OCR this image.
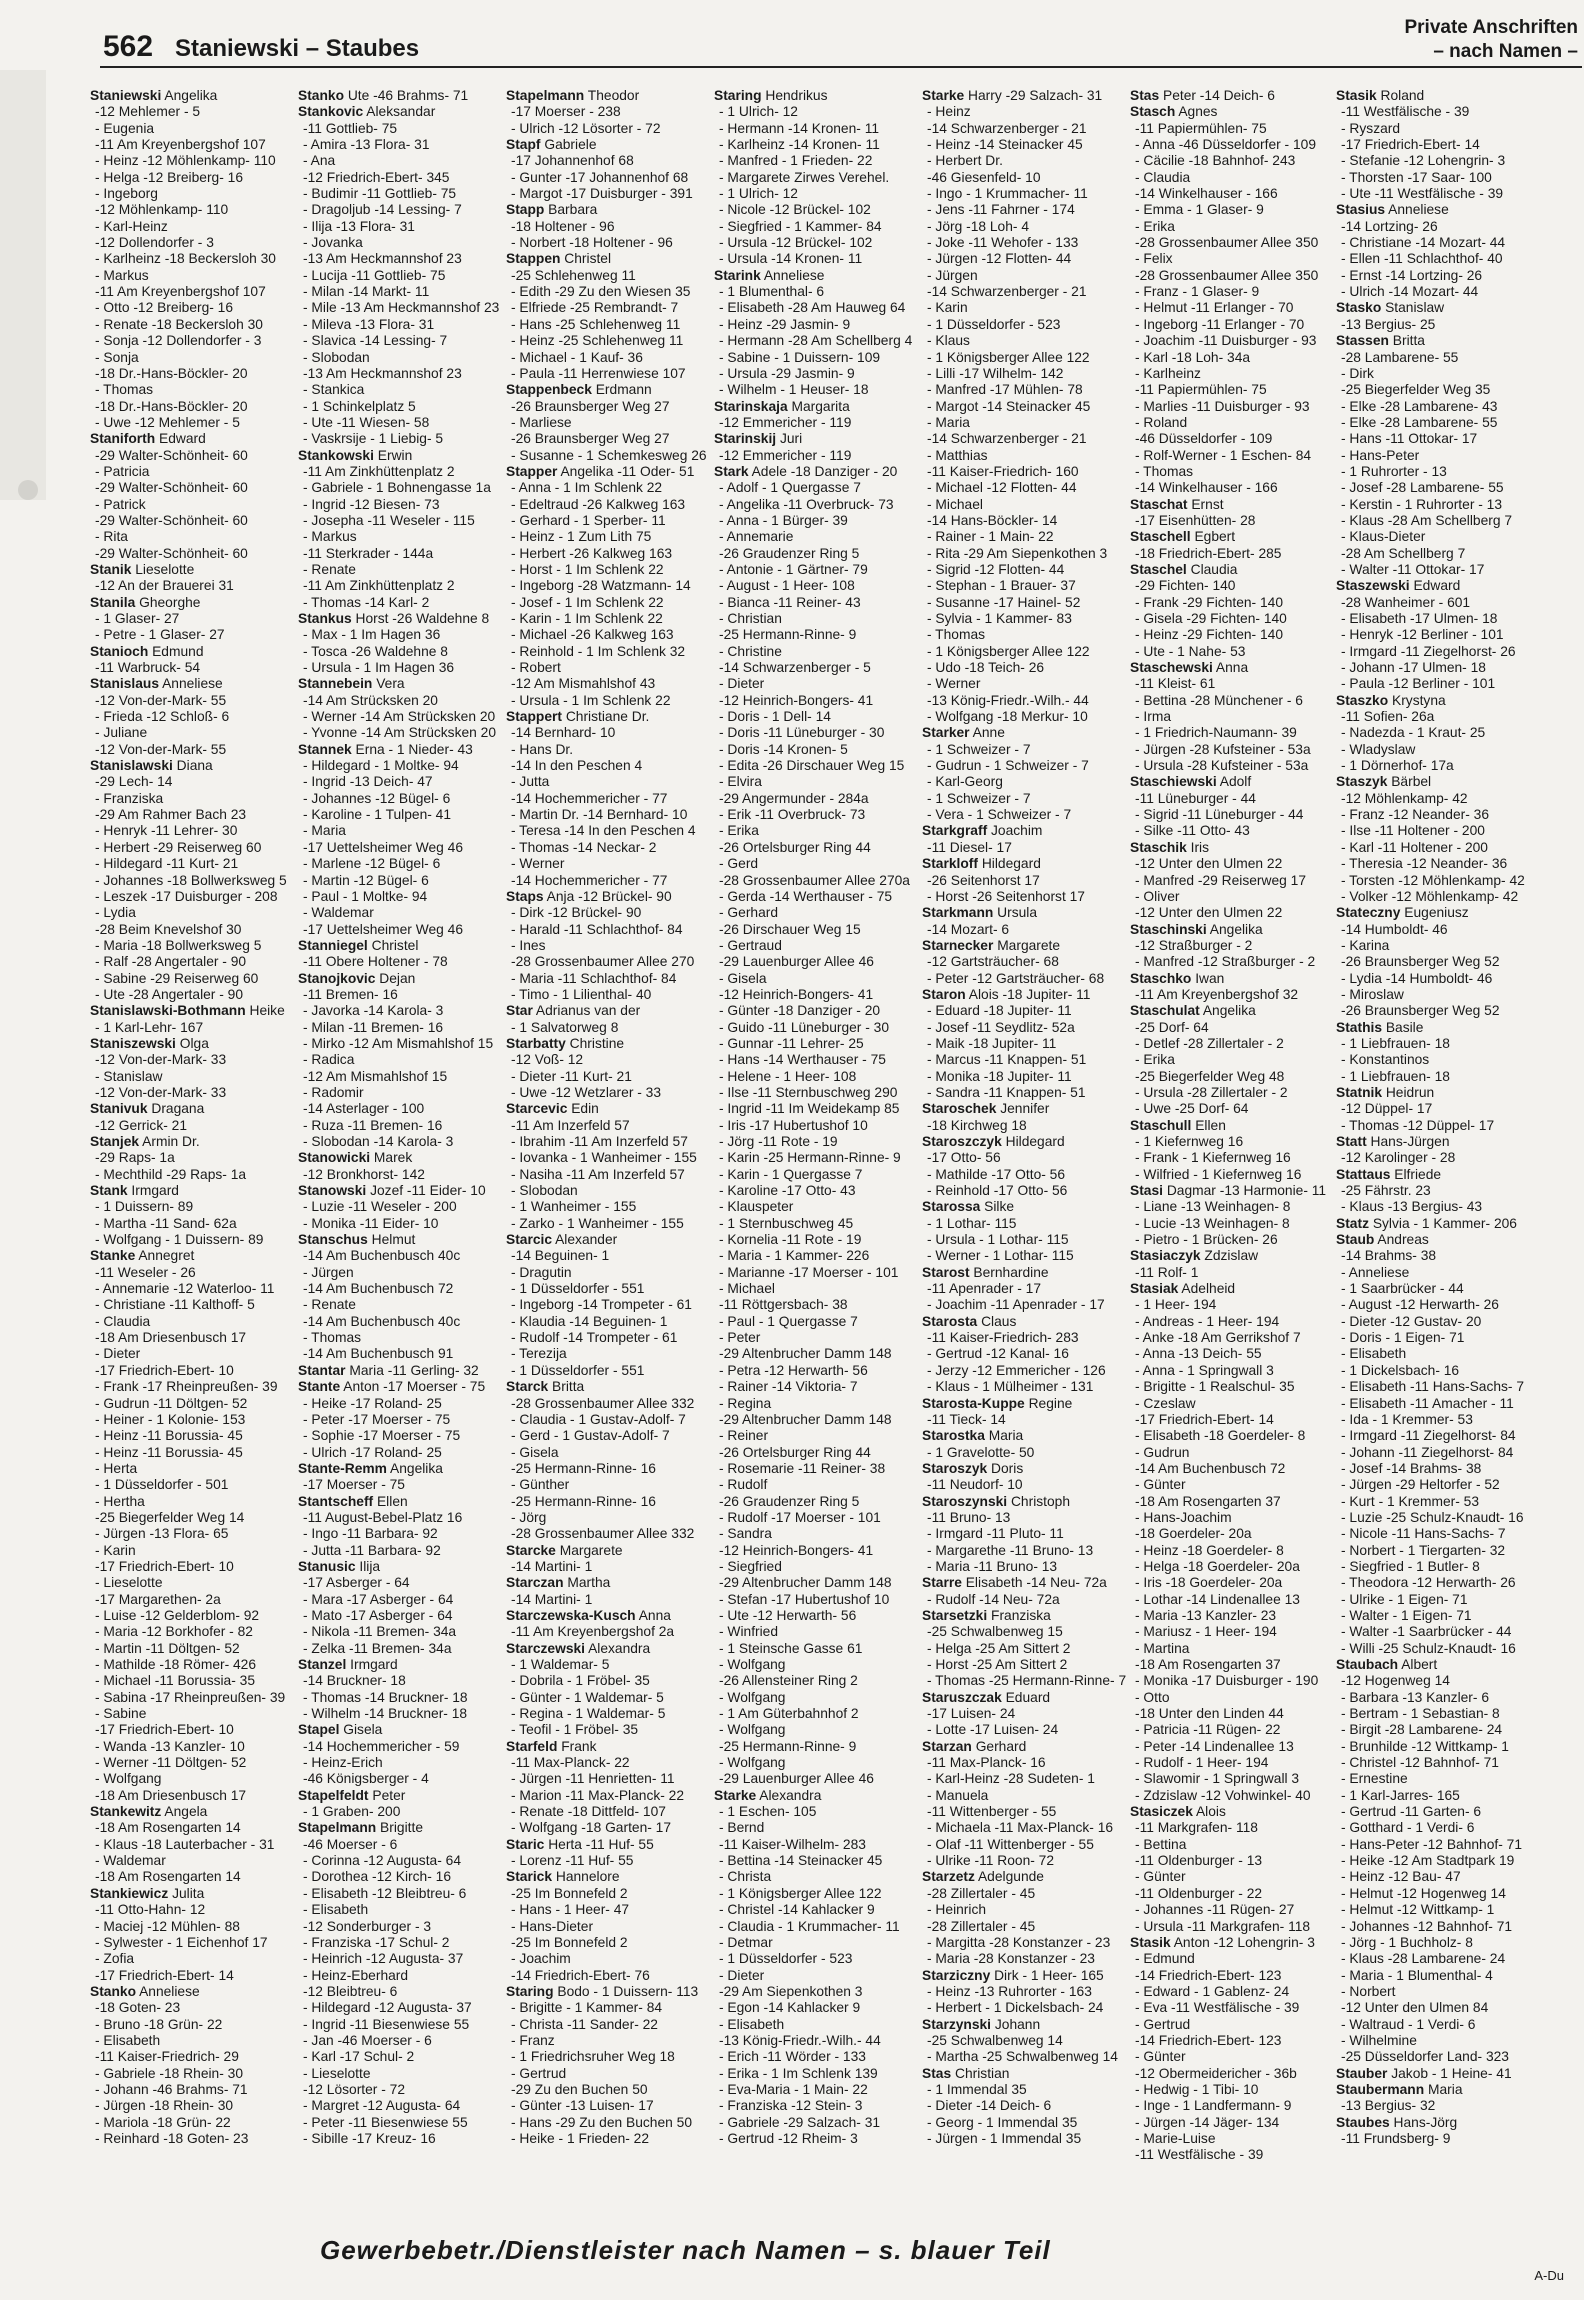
562 Staniewski – Staubes
Private Anschriften
– nach Namen –
Staniewski Angelika
-12 Mehlemer - 5
- Eugenia
-11 Am Kreyenbergshof 107
- Heinz -12 Möhlenkamp- 110
- Helga -12 Breiberg- 16
- Ingeborg
-12 Möhlenkamp- 110
- Karl-Heinz
-12 Dollendorfer - 3
- Karlheinz -18 Beckersloh 30
- Markus
-11 Am Kreyenbergshof 107
- Otto -12 Breiberg- 16
- Renate -18 Beckersloh 30
- Sonja -12 Dollendorfer - 3
- Sonja
-18 Dr.-Hans-Böckler- 20
- Thomas
-18 Dr.-Hans-Böckler- 20
- Uwe -12 Mehlemer - 5
Staniforth Edward
-29 Walter-Schönheit- 60
- Patricia
-29 Walter-Schönheit- 60
- Patrick
-29 Walter-Schönheit- 60
- Rita
-29 Walter-Schönheit- 60
Stanik Lieselotte
-12 An der Brauerei 31
Stanila Gheorghe
- 1 Glaser- 27
- Petre - 1 Glaser- 27
Stanioch Edmund
-11 Warbruck- 54
Stanislaus Anneliese
-12 Von-der-Mark- 55
- Frieda -12 Schloß- 6
- Juliane
-12 Von-der-Mark- 55
Stanislawski Diana
-29 Lech- 14
- Franziska
-29 Am Rahmer Bach 23
- Henryk -11 Lehrer- 30
- Herbert -29 Reiserweg 60
- Hildegard -11 Kurt- 21
- Johannes -18 Bollwerksweg 5
- Leszek -17 Duisburger - 208
- Lydia
-28 Beim Knevelshof 30
- Maria -18 Bollwerksweg 5
- Ralf -28 Angertaler - 90
- Sabine -29 Reiserweg 60
- Ute -28 Angertaler - 90
Stanislawski-Bothmann Heike
- 1 Karl-Lehr- 167
Staniszewski Olga
-12 Von-der-Mark- 33
- Stanislaw
-12 Von-der-Mark- 33
Stanivuk Dragana
-12 Gerrick- 21
Stanjek Armin Dr.
-29 Raps- 1a
- Mechthild -29 Raps- 1a
Stank Irmgard
- 1 Duissern- 89
- Martha -11 Sand- 62a
- Wolfgang - 1 Duissern- 89
Stanke Annegret
-11 Weseler - 26
- Annemarie -12 Waterloo- 11
- Christiane -11 Kalthoff- 5
- Claudia
-18 Am Driesenbusch 17
- Dieter
-17 Friedrich-Ebert- 10
- Frank -17 Rheinpreußen- 39
- Gudrun -11 Döltgen- 52
- Heiner - 1 Kolonie- 153
- Heinz -11 Borussia- 45
- Heinz -11 Borussia- 45
- Herta
- 1 Düsseldorfer - 501
- Hertha
-25 Biegerfelder Weg 14
- Jürgen -13 Flora- 65
- Karin
-17 Friedrich-Ebert- 10
- Lieselotte
-17 Margarethen- 2a
- Luise -12 Gelderblom- 92
- Maria -12 Borkhofer - 82
- Martin -11 Döltgen- 52
- Mathilde -18 Römer- 426
- Michael -11 Borussia- 35
- Sabina -17 Rheinpreußen- 39
- Sabine
-17 Friedrich-Ebert- 10
- Wanda -13 Kanzler- 10
- Werner -11 Döltgen- 52
- Wolfgang
-18 Am Driesenbusch 17
Stankewitz Angela
-18 Am Rosengarten 14
- Klaus -18 Lauterbacher - 31
- Waldemar
-18 Am Rosengarten 14
Stankiewicz Julita
-11 Otto-Hahn- 12
- Maciej -12 Mühlen- 88
- Sylwester - 1 Eichenhof 17
- Zofia
-17 Friedrich-Ebert- 14
Stanko Anneliese
-18 Goten- 23
- Bruno -18 Grün- 22
- Elisabeth
-11 Kaiser-Friedrich- 29
- Gabriele -18 Rhein- 30
- Johann -46 Brahms- 71
- Jürgen -18 Rhein- 30
- Mariola -18 Grün- 22
- Reinhard -18 Goten- 23
Stanko Ute -46 Brahms- 71
Stankovic Aleksandar
-11 Gottlieb- 75
- Amira -13 Flora- 31
- Ana
-12 Friedrich-Ebert- 345
- Budimir -11 Gottlieb- 75
- Dragoljub -14 Lessing- 7
- Ilija -13 Flora- 31
- Jovanka
-13 Am Heckmannshof 23
- Lucija -11 Gottlieb- 75
- Milan -14 Markt- 11
- Mile -13 Am Heckmannshof 23
- Mileva -13 Flora- 31
- Slavica -14 Lessing- 7
- Slobodan
-13 Am Heckmannshof 23
- Stankica
- 1 Schinkelplatz 5
- Ute -11 Wiesen- 58
- Vaskrsije - 1 Liebig- 5
Stankowski Erwin
-11 Am Zinkhüttenplatz 2
- Gabriele - 1 Bohnengasse 1a
- Ingrid -12 Biesen- 73
- Josepha -11 Weseler - 115
- Markus
-11 Sterkrader - 144a
- Renate
-11 Am Zinkhüttenplatz 2
- Thomas -14 Karl- 2
Stankus Horst -26 Waldehne 8
- Max - 1 Im Hagen 36
- Tosca -26 Waldehne 8
- Ursula - 1 Im Hagen 36
Stannebein Vera
-14 Am Strücksken 20
- Werner -14 Am Strücksken 20
- Yvonne -14 Am Strücksken 20
Stannek Erna - 1 Nieder- 43
- Hildegard - 1 Moltke- 94
- Ingrid -13 Deich- 47
- Johannes -12 Bügel- 6
- Karoline - 1 Tulpen- 41
- Maria
-17 Uettelsheimer Weg 46
- Marlene -12 Bügel- 6
- Martin -12 Bügel- 6
- Paul - 1 Moltke- 94
- Waldemar
-17 Uettelsheimer Weg 46
Stanniegel Christel
-11 Obere Holtener - 78
Stanojkovic Dejan
-11 Bremen- 16
- Javorka -14 Karola- 3
- Milan -11 Bremen- 16
- Mirko -12 Am Mismahlshof 15
- Radica
-12 Am Mismahlshof 15
- Radomir
-14 Asterlager - 100
- Ruza -11 Bremen- 16
- Slobodan -14 Karola- 3
Stanowicki Marek
-12 Bronkhorst- 142
Stanowski Jozef -11 Eider- 10
- Luzie -11 Weseler - 200
- Monika -11 Eider- 10
Stanschus Helmut
-14 Am Buchenbusch 40c
- Jürgen
-14 Am Buchenbusch 72
- Renate
-14 Am Buchenbusch 40c
- Thomas
-14 Am Buchenbusch 91
Stantar Maria -11 Gerling- 32
Stante Anton -17 Moerser - 75
- Heike -17 Roland- 25
- Peter -17 Moerser - 75
- Sophie -17 Moerser - 75
- Ulrich -17 Roland- 25
Stante-Remm Angelika
-17 Moerser - 75
Stantscheff Ellen
-11 August-Bebel-Platz 16
- Ingo -11 Barbara- 92
- Jutta -11 Barbara- 92
Stanusic Ilija
-17 Asberger - 64
- Mara -17 Asberger - 64
- Mato -17 Asberger - 64
- Nikola -11 Bremen- 34a
- Zelka -11 Bremen- 34a
Stanzel Irmgard
-14 Bruckner- 18
- Thomas -14 Bruckner- 18
- Wilhelm -14 Bruckner- 18
Stapel Gisela
-14 Hochemmericher - 59
- Heinz-Erich
-46 Königsberger - 4
Stapelfeldt Peter
- 1 Graben- 200
Stapelmann Brigitte
-46 Moerser - 6
- Corinna -12 Augusta- 64
- Dorothea -12 Kirch- 16
- Elisabeth -12 Bleibtreu- 6
- Elisabeth
-12 Sonderburger - 3
- Franziska -17 Schul- 2
- Heinrich -12 Augusta- 37
- Heinz-Eberhard
-12 Bleibtreu- 6
- Hildegard -12 Augusta- 37
- Ingrid -11 Biesenwiese 55
- Jan -46 Moerser - 6
- Karl -17 Schul- 2
- Lieselotte
-12 Lösorter - 72
- Margret -12 Augusta- 64
- Peter -11 Biesenwiese 55
- Sibille -17 Kreuz- 16
Stapelmann Theodor
-17 Moerser - 238
- Ulrich -12 Lösorter - 72
Stapf Gabriele
-17 Johannenhof 68
- Gunter -17 Johannenhof 68
- Margot -17 Duisburger - 391
Stapp Barbara
-18 Holtener - 96
- Norbert -18 Holtener - 96
Stappen Christel
-25 Schlehenweg 11
- Edith -29 Zu den Wiesen 35
- Elfriede -25 Rembrandt- 7
- Hans -25 Schlehenweg 11
- Heinz -25 Schlehenweg 11
- Michael - 1 Kauf- 36
- Paula -11 Herrenwiese 107
Stappenbeck Erdmann
-26 Braunsberger Weg 27
- Marliese
-26 Braunsberger Weg 27
- Susanne - 1 Schemkesweg 26
Stapper Angelika -11 Oder- 51
- Anna - 1 Im Schlenk 22
- Edeltraud -26 Kalkweg 163
- Gerhard - 1 Sperber- 11
- Heinz - 1 Zum Lith 75
- Herbert -26 Kalkweg 163
- Horst - 1 Im Schlenk 22
- Ingeborg -28 Watzmann- 14
- Josef - 1 Im Schlenk 22
- Karin - 1 Im Schlenk 22
- Michael -26 Kalkweg 163
- Reinhold - 1 Im Schlenk 32
- Robert
-12 Am Mismahlshof 43
- Ursula - 1 Im Schlenk 22
Stappert Christiane Dr.
-14 Bernhard- 10
- Hans Dr.
-14 In den Peschen 4
- Jutta
-14 Hochemmericher - 77
- Martin Dr. -14 Bernhard- 10
- Teresa -14 In den Peschen 4
- Thomas -14 Neckar- 2
- Werner
-14 Hochemmericher - 77
Staps Anja -12 Brückel- 90
- Dirk -12 Brückel- 90
- Harald -11 Schlachthof- 84
- Ines
-28 Grossenbaumer Allee 270
- Maria -11 Schlachthof- 84
- Timo - 1 Lilienthal- 40
Star Adrianus van der
- 1 Salvatorweg 8
Starbatty Christine
-12 Voß- 12
- Dieter -11 Kurt- 21
- Uwe -12 Wetzlarer - 33
Starcevic Edin
-11 Am Inzerfeld 57
- Ibrahim -11 Am Inzerfeld 57
- Iovanka - 1 Wanheimer - 155
- Nasiha -11 Am Inzerfeld 57
- Slobodan
- 1 Wanheimer - 155
- Zarko - 1 Wanheimer - 155
Starcic Alexander
-14 Beguinen- 1
- Dragutin
- 1 Düsseldorfer - 551
- Ingeborg -14 Trompeter - 61
- Klaudia -14 Beguinen- 1
- Rudolf -14 Trompeter - 61
- Terezija
- 1 Düsseldorfer - 551
Starck Britta
-28 Grossenbaumer Allee 332
- Claudia - 1 Gustav-Adolf- 7
- Gerd - 1 Gustav-Adolf- 7
- Gisela
-25 Hermann-Rinne- 16
- Günther
-25 Hermann-Rinne- 16
- Jörg
-28 Grossenbaumer Allee 332
Starcke Margarete
-14 Martini- 1
Starczan Martha
-14 Martini- 1
Starczewska-Kusch Anna
-11 Am Kreyenbergshof 2a
Starczewski Alexandra
- 1 Waldemar- 5
- Dobrila - 1 Fröbel- 35
- Günter - 1 Waldemar- 5
- Regina - 1 Waldemar- 5
- Teofil - 1 Fröbel- 35
Starfeld Frank
-11 Max-Planck- 22
- Jürgen -11 Henrietten- 11
- Marion -11 Max-Planck- 22
- Renate -18 Dittfeld- 107
- Wolfgang -18 Garten- 17
Staric Herta -11 Huf- 55
- Lorenz -11 Huf- 55
Starick Hannelore
-25 Im Bonnefeld 2
- Hans - 1 Heer- 47
- Hans-Dieter
-25 Im Bonnefeld 2
- Joachim
-14 Friedrich-Ebert- 76
Staring Bodo - 1 Duissern- 113
- Brigitte - 1 Kammer- 84
- Christa -11 Sander- 22
- Franz
- 1 Friedrichsruher Weg 18
- Gertrud
-29 Zu den Buchen 50
- Günter -13 Luisen- 17
- Hans -29 Zu den Buchen 50
- Heike - 1 Frieden- 22
Staring Hendrikus
- 1 Ulrich- 12
- Hermann -14 Kronen- 11
- Karlheinz -14 Kronen- 11
- Manfred - 1 Frieden- 22
- Margarete Zirwes Verehel.
- 1 Ulrich- 12
- Nicole -12 Brückel- 102
- Siegfried - 1 Kammer- 84
- Ursula -12 Brückel- 102
- Ursula -14 Kronen- 11
Starink Anneliese
- 1 Blumenthal- 6
- Elisabeth -28 Am Hauweg 64
- Heinz -29 Jasmin- 9
- Hermann -28 Am Schellberg 4
- Sabine - 1 Duissern- 109
- Ursula -29 Jasmin- 9
- Wilhelm - 1 Heuser- 18
Starinskaja Margarita
-12 Emmericher - 119
Starinskij Juri
-12 Emmericher - 119
Stark Adele -18 Danziger - 20
- Adolf - 1 Quergasse 7
- Angelika -11 Overbruck- 73
- Anna - 1 Bürger- 39
- Annemarie
-26 Graudenzer Ring 5
- Antonie - 1 Gärtner- 79
- August - 1 Heer- 108
- Bianca -11 Reiner- 43
- Christian
-25 Hermann-Rinne- 9
- Christine
-14 Schwarzenberger - 5
- Dieter
-12 Heinrich-Bongers- 41
- Doris - 1 Dell- 14
- Doris -11 Lüneburger - 30
- Doris -14 Kronen- 5
- Edita -26 Dirschauer Weg 15
- Elvira
-29 Angermunder - 284a
- Erik -11 Overbruck- 73
- Erika
-26 Ortelsburger Ring 44
- Gerd
-28 Grossenbaumer Allee 270a
- Gerda -14 Werthauser - 75
- Gerhard
-26 Dirschauer Weg 15
- Gertraud
-29 Lauenburger Allee 46
- Gisela
-12 Heinrich-Bongers- 41
- Günter -18 Danziger - 20
- Guido -11 Lüneburger - 30
- Gunnar -11 Lehrer- 25
- Hans -14 Werthauser - 75
- Helene - 1 Heer- 108
- Ilse -11 Sternbuschweg 290
- Ingrid -11 Im Weidekamp 85
- Iris -17 Hubertushof 10
- Jörg -11 Rote - 19
- Karin -25 Hermann-Rinne- 9
- Karin - 1 Quergasse 7
- Karoline -17 Otto- 43
- Klauspeter
- 1 Sternbuschweg 45
- Kornelia -11 Rote - 19
- Maria - 1 Kammer- 226
- Marianne -17 Moerser - 101
- Michael
-11 Röttgersbach- 38
- Paul - 1 Quergasse 7
- Peter
-29 Altenbrucher Damm 148
- Petra -12 Herwarth- 56
- Rainer -14 Viktoria- 7
- Regina
-29 Altenbrucher Damm 148
- Reiner
-26 Ortelsburger Ring 44
- Rosemarie -11 Reiner- 38
- Rudolf
-26 Graudenzer Ring 5
- Rudolf -17 Moerser - 101
- Sandra
-12 Heinrich-Bongers- 41
- Siegfried
-29 Altenbrucher Damm 148
- Stefan -17 Hubertushof 10
- Ute -12 Herwarth- 56
- Winfried
- 1 Steinsche Gasse 61
- Wolfgang
-26 Allensteiner Ring 2
- Wolfgang
- 1 Am Güterbahnhof 2
- Wolfgang
-25 Hermann-Rinne- 9
- Wolfgang
-29 Lauenburger Allee 46
Starke Alexandra
- 1 Eschen- 105
- Bernd
-11 Kaiser-Wilhelm- 283
- Bettina -14 Steinacker 45
- Christa
- 1 Königsberger Allee 122
- Christel -14 Kahlacker 9
- Claudia - 1 Krummacher- 11
- Detmar
- 1 Düsseldorfer - 523
- Dieter
-29 Am Siepenkothen 3
- Egon -14 Kahlacker 9
- Elisabeth
-13 König-Friedr.-Wilh.- 44
- Erich -11 Wörder - 133
- Erika - 1 Im Schlenk 139
- Eva-Maria - 1 Main- 22
- Franziska -12 Stein- 3
- Gabriele -29 Salzach- 31
- Gertrud -12 Rheim- 3
Starke Harry -29 Salzach- 31
- Heinz
-14 Schwarzenberger - 21
- Heinz -14 Steinacker 45
- Herbert Dr.
-46 Giesenfeld- 10
- Ingo - 1 Krummacher- 11
- Jens -11 Fahrner - 174
- Jörg -18 Loh- 4
- Joke -11 Wehofer - 133
- Jürgen -12 Flotten- 44
- Jürgen
-14 Schwarzenberger - 21
- Karin
- 1 Düsseldorfer - 523
- Klaus
- 1 Königsberger Allee 122
- Lilli -17 Wilhelm- 142
- Manfred -17 Mühlen- 78
- Margot -14 Steinacker 45
- Maria
-14 Schwarzenberger - 21
- Matthias
-11 Kaiser-Friedrich- 160
- Michael -12 Flotten- 44
- Michael
-14 Hans-Böckler- 14
- Rainer - 1 Main- 22
- Rita -29 Am Siepenkothen 3
- Sigrid -12 Flotten- 44
- Stephan - 1 Brauer- 37
- Susanne -17 Hainel- 52
- Sylvia - 1 Kammer- 83
- Thomas
- 1 Königsberger Allee 122
- Udo -18 Teich- 26
- Werner
-13 König-Friedr.-Wilh.- 44
- Wolfgang -18 Merkur- 10
Starker Anne
- 1 Schweizer - 7
- Gudrun - 1 Schweizer - 7
- Karl-Georg
- 1 Schweizer - 7
- Vera - 1 Schweizer - 7
Starkgraff Joachim
-11 Diesel- 17
Starkloff Hildegard
-26 Seitenhorst 17
- Horst -26 Seitenhorst 17
Starkmann Ursula
-14 Mozart- 6
Starnecker Margarete
-12 Gartsträucher- 68
- Peter -12 Gartsträucher- 68
Staron Alois -18 Jupiter- 11
- Eduard -18 Jupiter- 11
- Josef -11 Seydlitz- 52a
- Maik -18 Jupiter- 11
- Marcus -11 Knappen- 51
- Monika -18 Jupiter- 11
- Sandra -11 Knappen- 51
Staroschek Jennifer
-18 Kirchweg 18
Staroszczyk Hildegard
-17 Otto- 56
- Mathilde -17 Otto- 56
- Reinhold -17 Otto- 56
Starossa Silke
- 1 Lothar- 115
- Ursula - 1 Lothar- 115
- Werner - 1 Lothar- 115
Starost Bernhardine
-11 Apenrader - 17
- Joachim -11 Apenrader - 17
Starosta Claus
-11 Kaiser-Friedrich- 283
- Gertrud -12 Kanal- 16
- Jerzy -12 Emmericher - 126
- Klaus - 1 Mülheimer - 131
Starosta-Kuppe Regine
-11 Tieck- 14
Starostka Maria
- 1 Gravelotte- 50
Staroszyk Doris
-11 Neudorf- 10
Staroszynski Christoph
-11 Bruno- 13
- Irmgard -11 Pluto- 11
- Margarethe -11 Bruno- 13
- Maria -11 Bruno- 13
Starre Elisabeth -14 Neu- 72a
- Rudolf -14 Neu- 72a
Starsetzki Franziska
-25 Schwalbenweg 15
- Helga -25 Am Sittert 2
- Horst -25 Am Sittert 2
- Thomas -25 Hermann-Rinne- 7
Staruszczak Eduard
-17 Luisen- 24
- Lotte -17 Luisen- 24
Starzan Gerhard
-11 Max-Planck- 16
- Karl-Heinz -28 Sudeten- 1
- Manuela
-11 Wittenberger - 55
- Michaela -11 Max-Planck- 16
- Olaf -11 Wittenberger - 55
- Ulrike -11 Roon- 72
Starzetz Adelgunde
-28 Zillertaler - 45
- Heinrich
-28 Zillertaler - 45
- Margitta -28 Konstanzer - 23
- Maria -28 Konstanzer - 23
Starziczny Dirk - 1 Heer- 165
- Heinz -13 Ruhrorter - 163
- Herbert - 1 Dickelsbach- 24
Starzynski Johann
-25 Schwalbenweg 14
- Martha -25 Schwalbenweg 14
Stas Christian
- 1 Immendal 35
- Dieter -14 Deich- 6
- Georg - 1 Immendal 35
- Jürgen - 1 Immendal 35
Stas Peter -14 Deich- 6
Stasch Agnes
-11 Papiermühlen- 75
- Anna -46 Düsseldorfer - 109
- Cäcilie -18 Bahnhof- 243
- Claudia
-14 Winkelhauser - 166
- Emma - 1 Glaser- 9
- Erika
-28 Grossenbaumer Allee 350
- Felix
-28 Grossenbaumer Allee 350
- Franz - 1 Glaser- 9
- Helmut -11 Erlanger - 70
- Ingeborg -11 Erlanger - 70
- Joachim -11 Duisburger - 93
- Karl -18 Loh- 34a
- Karlheinz
-11 Papiermühlen- 75
- Marlies -11 Duisburger - 93
- Roland
-46 Düsseldorfer - 109
- Rolf-Werner - 1 Eschen- 84
- Thomas
-14 Winkelhauser - 166
Staschat Ernst
-17 Eisenhütten- 28
Staschell Egbert
-18 Friedrich-Ebert- 285
Staschel Claudia
-29 Fichten- 140
- Frank -29 Fichten- 140
- Gisela -29 Fichten- 140
- Heinz -29 Fichten- 140
- Ute - 1 Nahe- 53
Staschewski Anna
-11 Kleist- 61
- Bettina -28 Münchener - 6
- Irma
- 1 Friedrich-Naumann- 39
- Jürgen -28 Kufsteiner - 53a
- Ursula -28 Kufsteiner - 53a
Staschiewski Adolf
-11 Lüneburger - 44
- Sigrid -11 Lüneburger - 44
- Silke -11 Otto- 43
Staschik Iris
-12 Unter den Ulmen 22
- Manfred -29 Reiserweg 17
- Oliver
-12 Unter den Ulmen 22
Staschinski Angelika
-12 Straßburger - 2
- Manfred -12 Straßburger - 2
Staschko Iwan
-11 Am Kreyenbergshof 32
Staschulat Angelika
-25 Dorf- 64
- Detlef -28 Zillertaler - 2
- Erika
-25 Biegerfelder Weg 48
- Ursula -28 Zillertaler - 2
- Uwe -25 Dorf- 64
Staschull Ellen
- 1 Kiefernweg 16
- Frank - 1 Kiefernweg 16
- Wilfried - 1 Kiefernweg 16
Stasi Dagmar -13 Harmonie- 11
- Liane -13 Weinhagen- 8
- Lucie -13 Weinhagen- 8
- Pietro - 1 Brücken- 26
Stasiaczyk Zdzislaw
-11 Rolf- 1
Stasiak Adelheid
- 1 Heer- 194
- Andreas - 1 Heer- 194
- Anke -18 Am Gerrikshof 7
- Anna -13 Deich- 55
- Anna - 1 Springwall 3
- Brigitte - 1 Realschul- 35
- Czeslaw
-17 Friedrich-Ebert- 14
- Elisabeth -18 Goerdeler- 8
- Gudrun
-14 Am Buchenbusch 72
- Günter
-18 Am Rosengarten 37
- Hans-Joachim
-18 Goerdeler- 20a
- Heinz -18 Goerdeler- 8
- Helga -18 Goerdeler- 20a
- Iris -18 Goerdeler- 20a
- Lothar -14 Lindenallee 13
- Maria -13 Kanzler- 23
- Mariusz - 1 Heer- 194
- Martina
-18 Am Rosengarten 37
- Monika -17 Duisburger - 190
- Otto
-18 Unter den Linden 44
- Patricia -11 Rügen- 22
- Peter -14 Lindenallee 13
- Rudolf - 1 Heer- 194
- Slawomir - 1 Springwall 3
- Zdzislaw -12 Vohwinkel- 40
Stasiczek Alois
-11 Markgrafen- 118
- Bettina
-11 Oldenburger - 13
- Günter
-11 Oldenburger - 22
- Johannes -11 Rügen- 27
- Ursula -11 Markgrafen- 118
Stasik Anton -12 Lohengrin- 3
- Edmund
-14 Friedrich-Ebert- 123
- Edward - 1 Gablenz- 24
- Eva -11 Westfälische - 39
- Gertrud
-14 Friedrich-Ebert- 123
- Günter
-12 Obermeidericher - 36b
- Hedwig - 1 Tibi- 10
- Inge - 1 Landfermann- 9
- Jürgen -14 Jäger- 134
- Marie-Luise
-11 Westfälische - 39
Stasik Roland
-11 Westfälische - 39
- Ryszard
-17 Friedrich-Ebert- 14
- Stefanie -12 Lohengrin- 3
- Thorsten -17 Saar- 100
- Ute -11 Westfälische - 39
Stasius Anneliese
-14 Lortzing- 26
- Christiane -14 Mozart- 44
- Ellen -11 Schlachthof- 40
- Ernst -14 Lortzing- 26
- Ulrich -14 Mozart- 44
Stasko Stanislaw
-13 Bergius- 25
Stassen Britta
-28 Lambarene- 55
- Dirk
-25 Biegerfelder Weg 35
- Elke -28 Lambarene- 43
- Elke -28 Lambarene- 55
- Hans -11 Ottokar- 17
- Hans-Peter
- 1 Ruhrorter - 13
- Josef -28 Lambarene- 55
- Kerstin - 1 Ruhrorter - 13
- Klaus -28 Am Schellberg 7
- Klaus-Dieter
-28 Am Schellberg 7
- Walter -11 Ottokar- 17
Staszewski Edward
-28 Wanheimer - 601
- Elisabeth -17 Ulmen- 18
- Henryk -12 Berliner - 101
- Irmgard -11 Ziegelhorst- 26
- Johann -17 Ulmen- 18
- Paula -12 Berliner - 101
Staszko Krystyna
-11 Sofien- 26a
- Nadezda - 1 Kraut- 25
- Wladyslaw
- 1 Dörnerhof- 17a
Staszyk Bärbel
-12 Möhlenkamp- 42
- Franz -12 Neander- 36
- Ilse -11 Holtener - 200
- Karl -11 Holtener - 200
- Theresia -12 Neander- 36
- Torsten -12 Möhlenkamp- 42
- Volker -12 Möhlenkamp- 42
Stateczny Eugeniusz
-14 Humboldt- 46
- Karina
-26 Braunsberger Weg 52
- Lydia -14 Humboldt- 46
- Miroslaw
-26 Braunsberger Weg 52
Stathis Basile
- 1 Liebfrauen- 18
- Konstantinos
- 1 Liebfrauen- 18
Statnik Heidrun
-12 Düppel- 17
- Thomas -12 Düppel- 17
Statt Hans-Jürgen
-12 Karolinger - 28
Stattaus Elfriede
-25 Fährstr. 23
- Klaus -13 Bergius- 43
Statz Sylvia - 1 Kammer- 206
Staub Andreas
-14 Brahms- 38
- Anneliese
- 1 Saarbrücker - 44
- August -12 Herwarth- 26
- Dieter -12 Gustav- 20
- Doris - 1 Eigen- 71
- Elisabeth
- 1 Dickelsbach- 16
- Elisabeth -11 Hans-Sachs- 7
- Elisabeth -11 Amacher - 11
- Ida - 1 Kremmer- 53
- Irmgard -11 Ziegelhorst- 84
- Johann -11 Ziegelhorst- 84
- Josef -14 Brahms- 38
- Jürgen -29 Heltorfer - 52
- Kurt - 1 Kremmer- 53
- Luzie -25 Schulz-Knaudt- 16
- Nicole -11 Hans-Sachs- 7
- Norbert - 1 Tiergarten- 32
- Siegfried - 1 Butler- 8
- Theodora -12 Herwarth- 26
- Ulrike - 1 Eigen- 71
- Walter - 1 Eigen- 71
- Walter -1 Saarbrücker - 44
- Willi -25 Schulz-Knaudt- 16
Staubach Albert
-12 Hogenweg 14
- Barbara -13 Kanzler- 6
- Bertram - 1 Sebastian- 8
- Birgit -28 Lambarene- 24
- Brunhilde -12 Wittkamp- 1
- Christel -12 Bahnhof- 71
- Ernestine
- 1 Karl-Jarres- 165
- Gertrud -11 Garten- 6
- Gotthard - 1 Verdi- 6
- Hans-Peter -12 Bahnhof- 71
- Heike -12 Am Stadtpark 19
- Heinz -12 Bau- 47
- Helmut -12 Hogenweg 14
- Helmut -12 Wittkamp- 1
- Johannes -12 Bahnhof- 71
- Jörg - 1 Buchholz- 8
- Klaus -28 Lambarene- 24
- Maria - 1 Blumenthal- 4
- Norbert
-12 Unter den Ulmen 84
- Waltraud - 1 Verdi- 6
- Wilhelmine
-25 Düsseldorfer Land- 323
Stauber Jakob - 1 Heine- 41
Staubermann Maria
-13 Bergius- 32
Staubes Hans-Jörg
-11 Frundsberg- 9
Gewerbebetr./Dienstleister nach Namen – s. blauer Teil
A-Du
